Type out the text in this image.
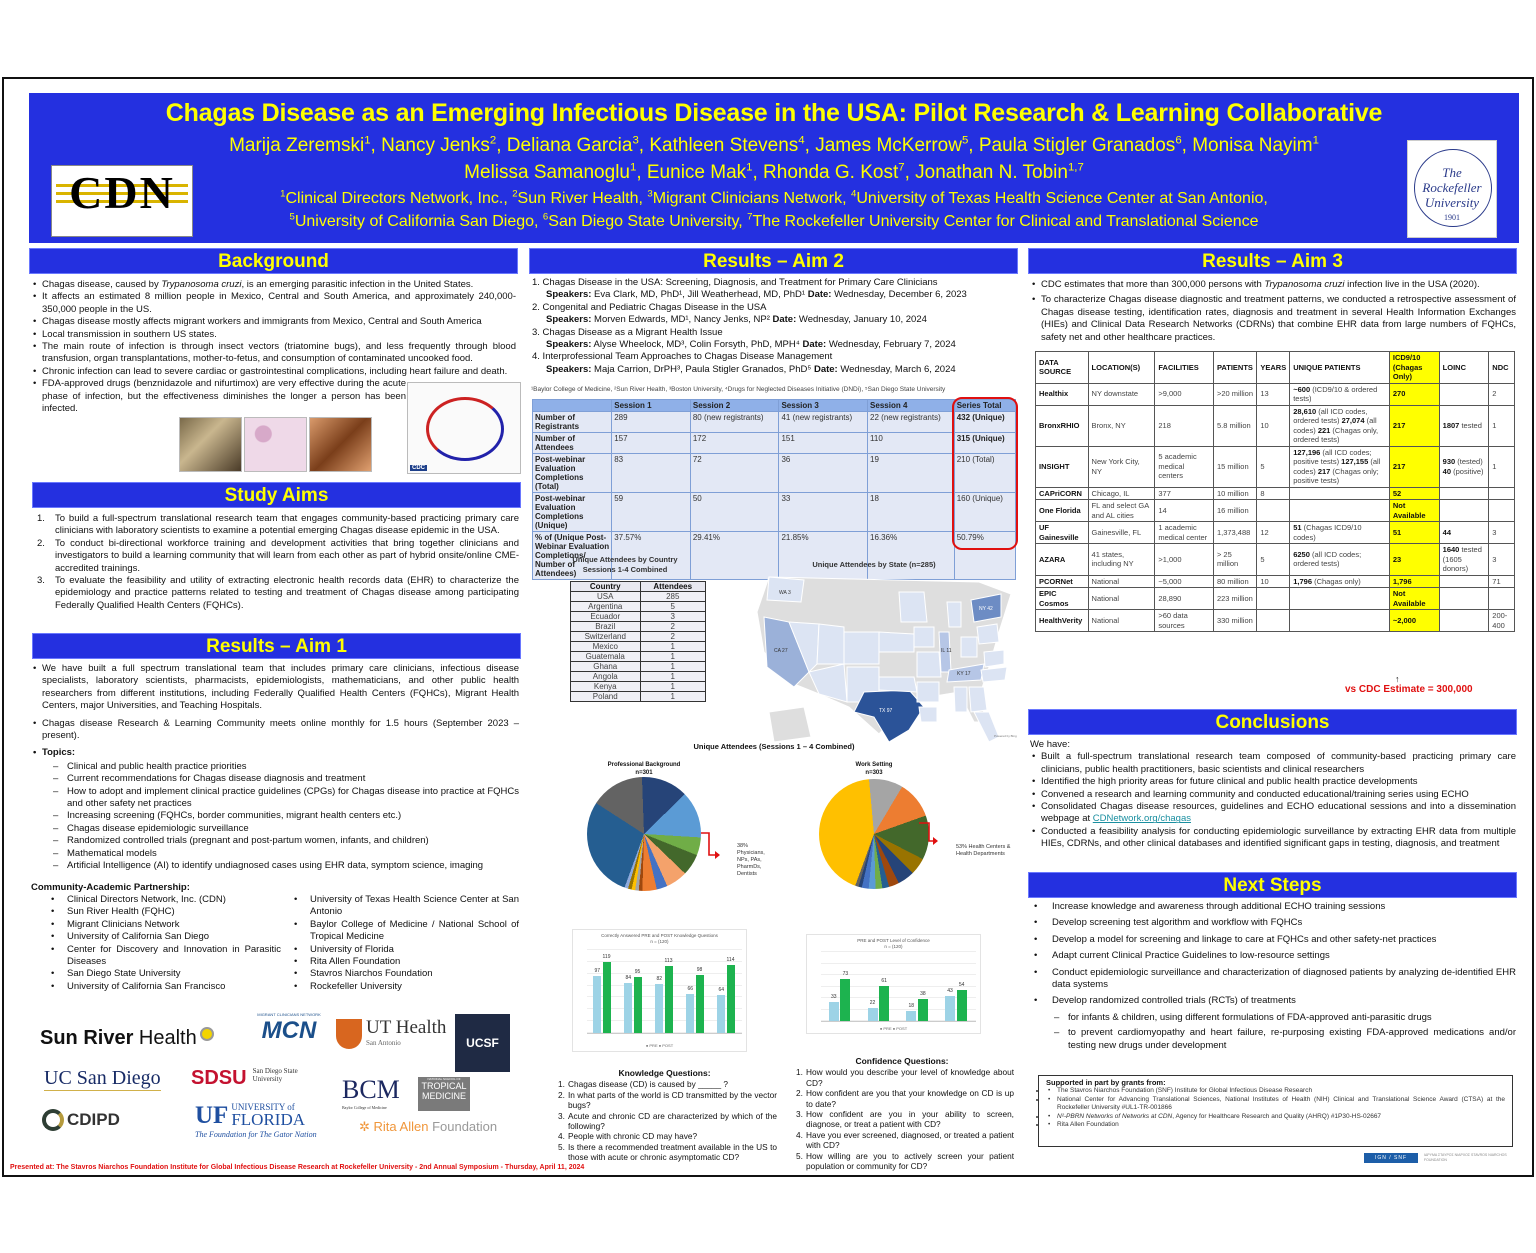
Chagas Disease as an Emerging Infectious Disease in the USA: Pilot Research & Learning Collaborative
Marija Zeremski$^1$, Nancy Jenks$^2$, Deliana Garcia$^3$, Kathleen Stevens$^4$, James McKerrow$^5$, Paula Stigler Granados$^6$, Monisa Nayim$^1$
Melissa Samanoglu$^1$, Eunice Mak$^1$, Rhonda G. Kost$^7$, Jonathan N. Tobin$^{1,7}$
$^1$Clinical Directors Network, Inc., $^2$Sun River Health, $^3$Migrant Clinicians Network, $^4$University of Texas Health Science Center at San Antonio,
$^5$University of California San Diego, $^6$San Diego State University, $^7$The Rockefeller University Center for Clinical and Translational Science
CDN
CLINICAL•DIRECTORS•NETWORK
The
Rockefeller
University
1901
Background
• Chagas disease, caused by Trypanosoma cruzi, is an emerging parasitic infection in the United States.
• It affects an estimated 8 million people in Mexico, Central and South America, and approximately 240,000-350,000 people in the US.
• Chagas disease mostly affects migrant workers and immigrants from Mexico, Central and South America
• Local transmission in southern US states.
• The main route of infection is through insect vectors (triatomine bugs), and less frequently through blood transfusion, organ transplantations, mother-to-fetus, and consumption of contaminated uncooked food.
• Chronic infection can lead to severe cardiac or gastrointestinal complications, including heart failure and death.
• FDA-approved drugs (benznidazole and nifurtimox) are very effective during the acute phase of infection, but the effectiveness diminishes the longer a person has been infected.
CDC
Study Aims
1. To build a full-spectrum translational research team that engages community-based practicing primary care clinicians with laboratory scientists to examine a potential emerging Chagas disease epidemic in the USA.
2. To conduct bi-directional workforce training and development activities that bring together clinicians and investigators to build a learning community that will learn from each other as part of hybrid onsite/online CME-accredited trainings.
3. To evaluate the feasibility and utility of extracting electronic health records data (EHR) to characterize the epidemiology and practice patterns related to testing and treatment of Chagas disease among participating Federally Qualified Health Centers (FQHCs).
Results – Aim 1
• We have built a full spectrum translational team that includes primary care clinicians, infectious disease specialists, laboratory scientists, pharmacists, epidemiologists, mathematicians, and other public health researchers from different institutions, including Federally Qualified Health Centers (FQHCs), Migrant Health Centers, major Universities, and Teaching Hospitals.
• Chagas disease Research & Learning Community meets online monthly for 1.5 hours (September 2023 – present).
• Topics:
– Clinical and public health practice priorities
– Current recommendations for Chagas disease diagnosis and treatment
– How to adopt and implement clinical practice guidelines (CPGs) for Chagas disease into practice at FQHCs and other safety net practices
– Increasing screening (FQHCs, border communities, migrant health centers etc.)
– Chagas disease epidemiologic surveillance
– Randomized controlled trials (pregnant and post-partum women, infants, and children)
– Mathematical models
– Artificial Intelligence (AI) to identify undiagnosed cases using EHR data, symptom science, imaging
Community-Academic Partnership:
• Clinical Directors Network, Inc. (CDN)
• Sun River Health (FQHC)
• Migrant Clinicians Network
• University of California San Diego
• Center for Discovery and Innovation in Parasitic Diseases
• San Diego State University
• University of California San Francisco
• University of Texas Health Science Center at San Antonio
• Baylor College of Medicine / National School of Tropical Medicine
• University of Florida
• Rita Allen Foundation
• Stavros Niarchos Foundation
• Rockefeller University
Sun River Health
MIGRANT CLINICIANS NETWORK
MCN	UT Health
San Antonio	UCSF
UC San Diego SDSU San Diego State
University	BCM
Baylor College of Medicine
NATIONAL SCHOOL OF
TROPICAL
MEDICINE
CDIPD	UF UNIVERSITY of
FLORIDA
The Foundation for The Gator Nation
✲ Rita Allen Foundation
Results – Aim 2
1. Chagas Disease in the USA: Screening, Diagnosis, and Treatment for Primary Care Clinicians
Speakers: Eva Clark, MD, PhD¹, Jill Weatherhead, MD, PhD¹ Date: Wednesday, December 6, 2023
2. Congenital and Pediatric Chagas Disease in the USA
Speakers: Morven Edwards, MD¹, Nancy Jenks, NP² Date: Wednesday, January 10, 2024
3. Chagas Disease as a Migrant Health Issue
Speakers: Alyse Wheelock, MD³, Colin Forsyth, PhD, MPH⁴ Date: Wednesday, February 7, 2024
4. Interprofessional Team Approaches to Chagas Disease Management
Speakers: Maja Carrion, DrPH³, Paula Stigler Granados, PhD⁵ Date: Wednesday, March 6, 2024
¹Baylor College of Medicine, ²Sun River Health, ³Boston University, ⁴Drugs for Neglected Diseases Initiative (DNDi), ⁵San Diego State University
	Session 1	Session 2	Session 3	Session 4	Series Total
Number of Registrants	289	80 (new registrants)	41 (new registrants)	22 (new registrants)	432 (Unique)
Number of Attendees	157	172	151	110	315 (Unique)
Post-webinar Evaluation Completions (Total)	83	72	36	19	210 (Total)
Post-webinar Evaluation Completions (Unique)	59	50	33	18	160 (Unique)
% of (Unique Post-Webinar Evaluation Completions/ Number of Attendees)	37.57%	29.41%	21.85%	16.36%	50.79%
Unique Attendees by Country
Sessions 1-4 Combined
Country	Attendees
USA	285
Argentina	5
Ecuador	3
Brazil	2
Switzerland	2
Mexico	1
Guatemala	1
Ghana	1
Angola	1
Kenya	1
Poland	1
Unique Attendees by State (n=285)
WA 3
CA 27
TX 97
NY 42
KY 17
IL 11
Powered by Bing
Unique Attendees (Sessions 1 – 4 Combined)
Professional Background
n=301
38% Physicians, NPs, PAs, PharmDs, Dentists
Work Setting
n=303
53% Health Centers & Health Departments
Correctly Answered PRE and POST Knowledge Questions
n = (120)
97
119
84
95
82
113
66
98
64
114
● PRE ● POST
PRE and POST Level of Confidence
n = (120)
33
73
22
61
18
38	43
54
● PRE ● POST
Knowledge Questions:
1. Chagas disease (CD) is caused by _____ ?
2. In what parts of the world is CD transmitted by the vector bugs?
3. Acute and chronic CD are characterized by which of the following?
4. People with chronic CD may have?
5. Is there a recommended treatment available in the US to those with acute or chronic asymptomatic CD?
Confidence Questions:
1. How would you describe your level of knowledge about CD?
2. How confident are you that your knowledge on CD is up to date?
3. How confident are you in your ability to screen, diagnose, or treat a patient with CD?
4. Have you ever screened, diagnosed, or treated a patient with CD?
5. How willing are you to actively screen your patient population or community for CD?
Results – Aim 3
• CDC estimates that more than 300,000 persons with Trypanosoma cruzi infection live in the USA (2020).
• To characterize Chagas disease diagnostic and treatment patterns, we conducted a retrospective assessment of Chagas disease testing, identification rates, diagnosis and treatment in several Health Information Exchanges (HIEs) and Clinical Data Research Networks (CDRNs) that combine EHR data from large numbers of FQHCs, safety net and other healthcare practices.
DATA SOURCE	LOCATION(S)	FACILITIES	PATIENTS	YEARS	UNIQUE PATIENTS	ICD9/10 (Chagas Only)	LOINC	NDC
Healthix	NY downstate	>9,000	>20 million	13	~600 (ICD9/10 & ordered tests)	270		2
BronxRHIO	Bronx, NY	218	5.8 million	10	28,610 (all ICD codes, ordered tests) 27,074 (all codes) 221 (Chagas only, ordered tests)	217	1807 tested	1
INSIGHT	New York City, NY	5 academic medical centers	15 million	5	127,196 (all ICD codes; positive tests) 127,155 (all codes) 217 (Chagas only; positive tests)	217	930 (tested) 40 (positive)	1
CAPriCORN	Chicago, IL	377	10 million	8		52		
One Florida	FL and select GA and AL cities	14	16 million			Not Available		
UF Gainesville	Gainesville, FL	1 academic medical center	1,373,488	12	51 (Chagas ICD9/10 codes)	51	44	3
AZARA	41 states, including NY	>1,000	> 25 million	5	6250 (all ICD codes; ordered tests)	23	1640 tested (1605 donors)	3
PCORNet	National	~5,000	80 million	10	1,796 (Chagas only)	1,796		71
EPIC Cosmos	National	28,890	223 million			Not Available		
HealthVerity	National	>60 data sources	330 million			~2,000		200-400
↑
vs CDC Estimate = 300,000
Conclusions
We have:
• Built a full-spectrum translational research team composed of community-based practicing primary care clinicians, public health practitioners, basic scientists and clinical researchers
• Identified the high priority areas for future clinical and public health practice developments
• Convened a research and learning community and conducted educational/training series using ECHO
• Consolidated Chagas disease resources, guidelines and ECHO educational sessions and into a dissemination webpage at CDNetwork.org/chagas
• Conducted a feasibility analysis for conducting epidemiologic surveillance by extracting EHR data from multiple HIEs, CDRNs, and other clinical databases and identified significant gaps in testing, diagnosis, and treatment
Next Steps
• Increase knowledge and awareness through additional ECHO training sessions
• Develop screening test algorithm and workflow with FQHCs
• Develop a model for screening and linkage to care at FQHCs and other safety-net practices
• Adapt current Clinical Practice Guidelines to low-resource settings
• Conduct epidemiologic surveillance and characterization of diagnosed patients by analyzing de-identified EHR data systems
• Develop randomized controlled trials (RCTs) of treatments
– for infants & children, using different formulations of FDA-approved anti-parasitic drugs
– to prevent cardiomyopathy and heart failure, re-purposing existing FDA-approved medications and/or testing new drugs under development
Supported in part by grants from:
• • The Stavros Niarchos Foundation (SNF) Institute for Global Infectious Disease Research
• • National Center for Advancing Translational Sciences, National Institutes of Health (NIH) Clinical and Translational Science Award (CTSA) at the Rockefeller University #UL1-TR-001866
• • N²-PBRN Networks of Networks at CDN, Agency for Healthcare Research and Quality (AHRQ) #1P30-HS-02667
• • Rita Allen Foundation
IGN / SNF	ΙΔΡΥΜΑ ΣΤΑΥΡΟΣ ΝΙΑΡΧΟΣ STAVROS NIARCHOS FOUNDATION
Presented at: The Stavros Niarchos Foundation Institute for Global Infectious Disease Research at Rockefeller University - 2nd Annual Symposium - Thursday, April 11, 2024
